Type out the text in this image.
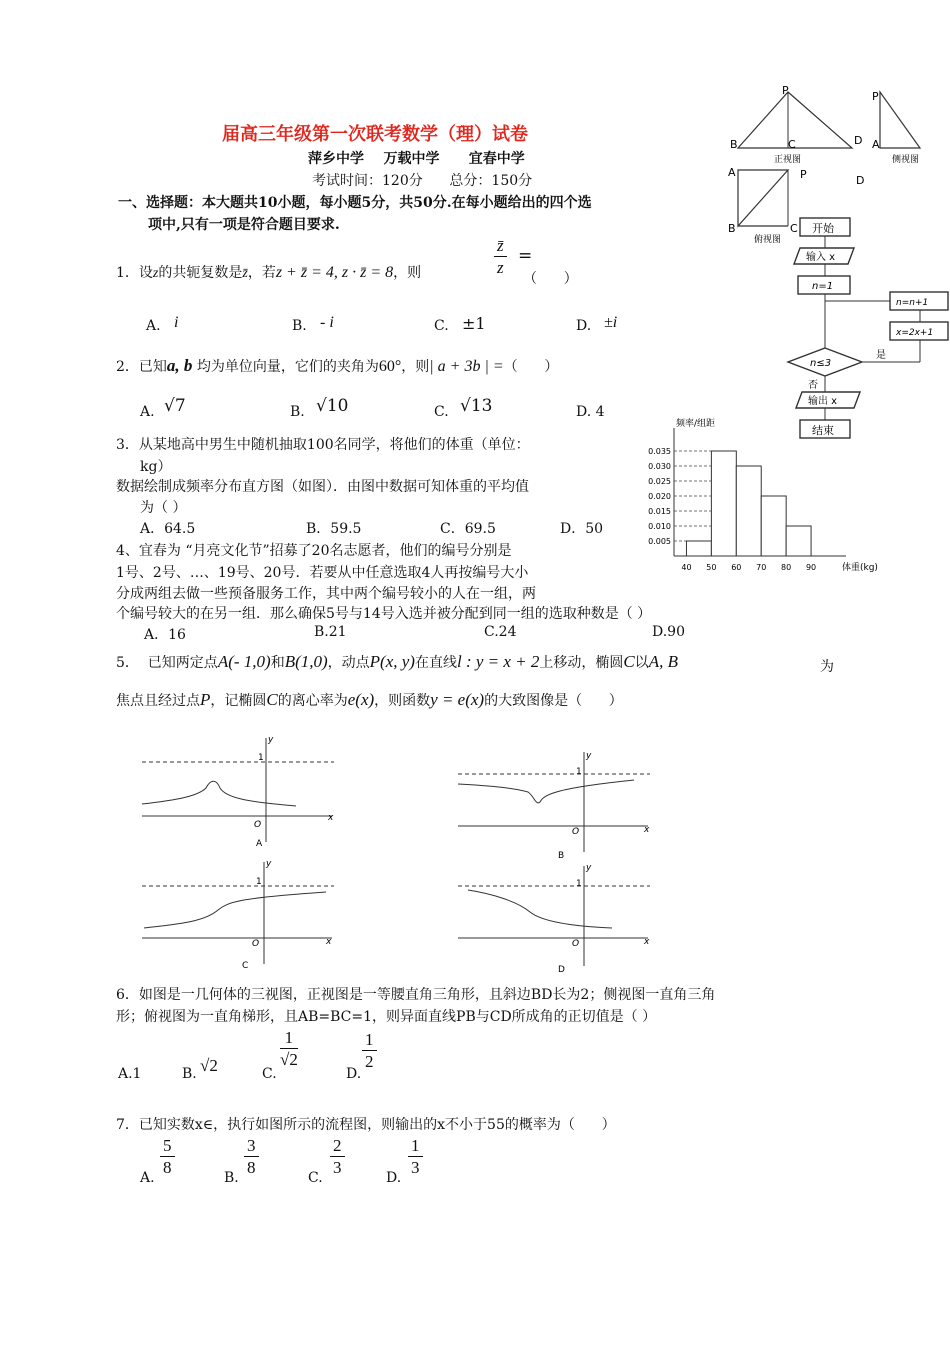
届高三年级第一次联考数学（理）试卷
萍乡中学    万载中学      宜春中学
考试时间：120分      总分：150分
一、选择题：本大题共10小题，每小题5分，共50分.在每小题给出的四个选
项中,只有一项是符合题目要求.
1．设z的共轭复数是z̄，若z + z̄ = 4, z · z̄ = 8，则	$\frac{z̄}{z}$ =
（      ）
A. i	B. - i	C. ±1	D. ±i
2．已知a, b 均为单位向量，它们的夹角为60°，则| a + 3b | =（      ）
A. √7	B. √10	C. √13	D. 4
3．从某地高中男生中随机抽取100名同学，将他们的体重（单位：
kg）
数据绘制成频率分布直方图（如图）．由图中数据可知体重的平均值
为（ ）
A．64.5	B．59.5	C．69.5	D．50
4、宜春为 “月亮文化节”招募了20名志愿者，他们的编号分别是
1号、2号、…、19号、20号．若要从中任意选取4人再按编号大小
分成两组去做一些预备服务工作，其中两个编号较小的人在一组，两
个编号较大的在另一组．那么确保5号与14号入选并被分配到同一组的选取种数是（ ）
A．16	B.21	C.24	D.90
5．  已知两定点A(- 1,0)和B(1,0)，动点P(x, y)在直线l : y = x + 2上移动，椭圆C以A, B	为
焦点且经过点P，记椭圆C的离心率为e(x)，则函数y = e(x)的大致图像是（      ）
y
1
O
x
A
y
1
O	x
B
y
1
O	x
C
y
1
O	x
D
6．如图是一几何体的三视图，正视图是一等腰直角三角形，且斜边BD长为2；侧视图一直角三角
形；俯视图为一直角梯形，且AB=BC=1，则异面直线PB与CD所成角的正切值是（ ）
A.1	B. √2	C.
$\frac{1}{√2}$
D.
$\frac{1}{2}$
7．已知实数x∈，执行如图所示的流程图，则输出的x不小于55的概率为（      ）
A. $\frac{5}{8}$	B. $\frac{3}{8}$	C. $\frac{2}{3}$	D. $\frac{1}{3}$
P
B	C	D
正视图
P
A
侧视图
A	P	D
B	C
俯视图
开始
输入 x
n=1
n≤3
是
x=2x+1
n=n+1
否
输出 x
结束
0.035
0.030
0.025
0.020
0.015
0.010
0.005
40 50 60 70 80 90
频率/组距
体重(kg)
